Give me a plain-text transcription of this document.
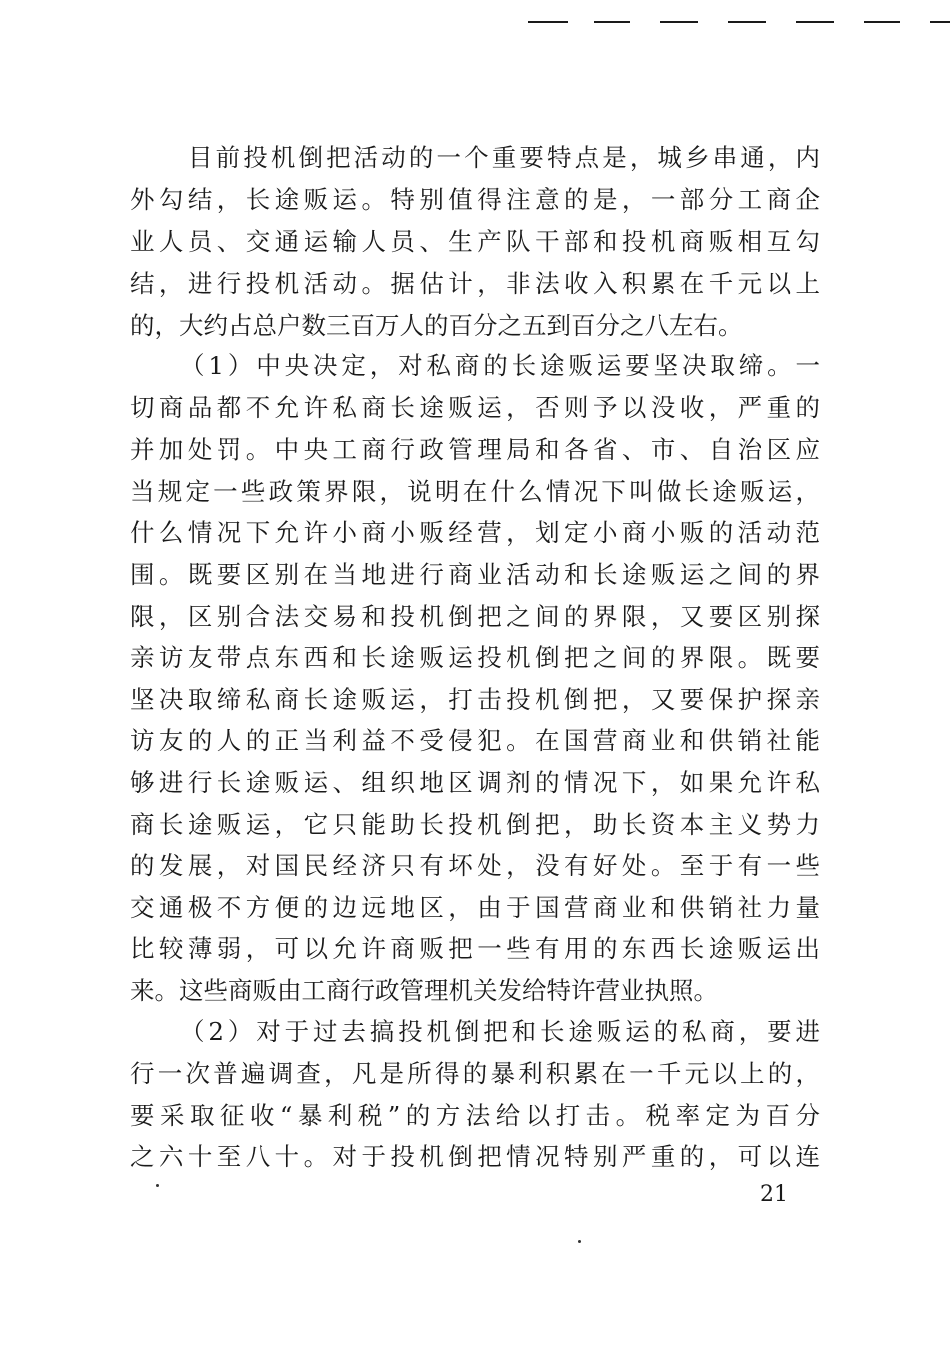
目前投机倒把活动的一个重要特点是，城乡串通，内
外勾结，长途贩运。特别值得注意的是，一部分工商企
业人员、交通运输人员、生产队干部和投机商贩相互勾
结，进行投机活动。据估计，非法收入积累在千元以上
的，大约占总户数三百万人的百分之五到百分之八左右。
（1）中央决定，对私商的长途贩运要坚决取缔。一
切商品都不允许私商长途贩运，否则予以没收，严重的
并加处罚。中央工商行政管理局和各省、市、自治区应
当规定一些政策界限，说明在什么情况下叫做长途贩运，
什么情况下允许小商小贩经营，划定小商小贩的活动范
围。既要区别在当地进行商业活动和长途贩运之间的界
限，区别合法交易和投机倒把之间的界限，又要区别探
亲访友带点东西和长途贩运投机倒把之间的界限。既要
坚决取缔私商长途贩运，打击投机倒把，又要保护探亲
访友的人的正当利益不受侵犯。在国营商业和供销社能
够进行长途贩运、组织地区调剂的情况下，如果允许私
商长途贩运，它只能助长投机倒把，助长资本主义势力
的发展，对国民经济只有坏处，没有好处。至于有一些
交通极不方便的边远地区，由于国营商业和供销社力量
比较薄弱，可以允许商贩把一些有用的东西长途贩运出
来。这些商贩由工商行政管理机关发给特许营业执照。
（2）对于过去搞投机倒把和长途贩运的私商，要进
行一次普遍调查，凡是所得的暴利积累在一千元以上的，
要采取征收“暴利税”的方法给以打击。税率定为百分
之六十至八十。对于投机倒把情况特别严重的，可以连
21
